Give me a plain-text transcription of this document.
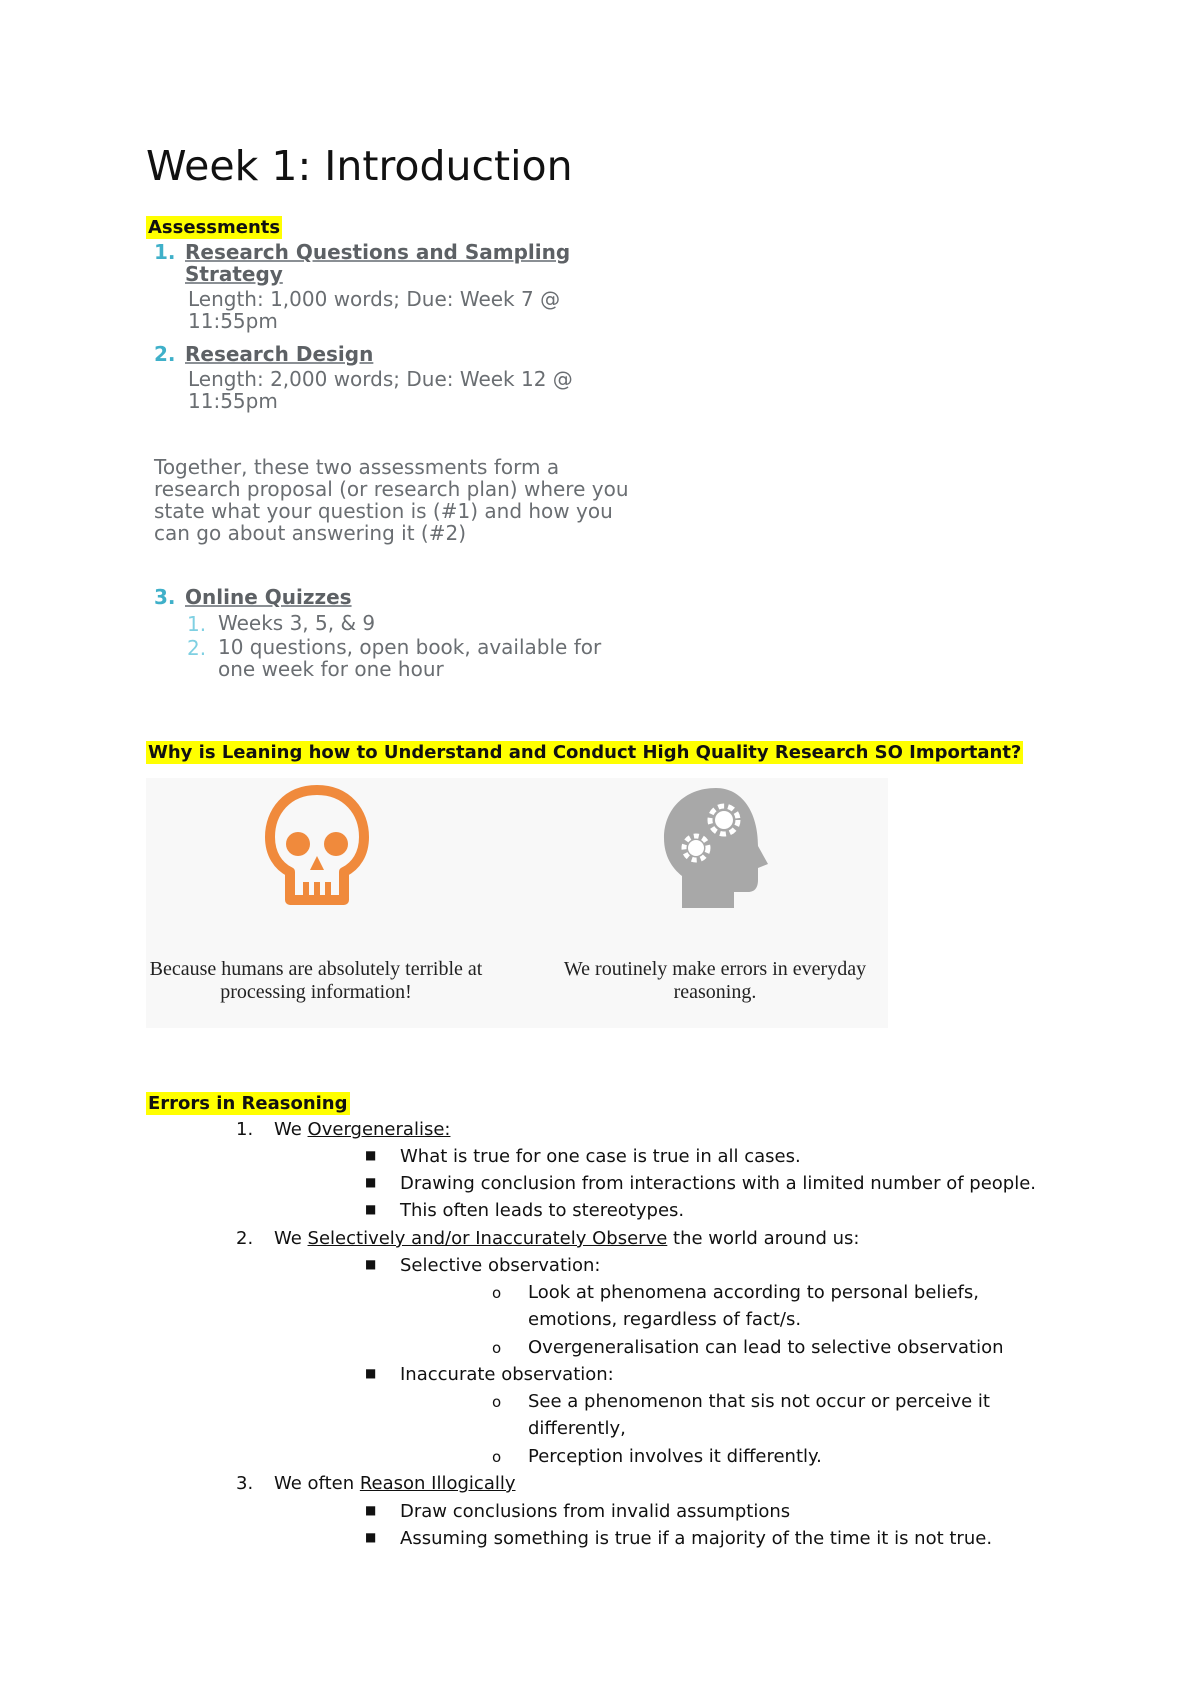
Week 1: Introduction
Assessments
1. Research Questions and Sampling
Strategy
Length: 1,000 words; Due: Week 7 @
11:55pm
2. Research Design
Length: 2,000 words; Due: Week 12 @
11:55pm
Together, these two assessments form a
research proposal (or research plan) where you
state what your question is (#1) and how you
can go about answering it (#2)
3. Online Quizzes
1. Weeks 3, 5, & 9
2. 10 questions, open book, available for
one week for one hour
Why is Leaning how to Understand and Conduct High Quality Research SO Important?
Because humans are absolutely terrible at
processing information!
We routinely make errors in everyday
reasoning.
Errors in Reasoning
1. We Overgeneralise:
■ What is true for one case is true in all cases.
■ Drawing conclusion from interactions with a limited number of people.
■ This often leads to stereotypes.
2. We Selectively and/or Inaccurately Observe the world around us:
■ Selective observation:
o Look at phenomena according to personal beliefs,
emotions, regardless of fact/s.
o Overgeneralisation can lead to selective observation
■ Inaccurate observation:
o See a phenomenon that sis not occur or perceive it
differently,
o Perception involves it differently.
3. We often Reason Illogically
■ Draw conclusions from invalid assumptions
■ Assuming something is true if a majority of the time it is not true.
